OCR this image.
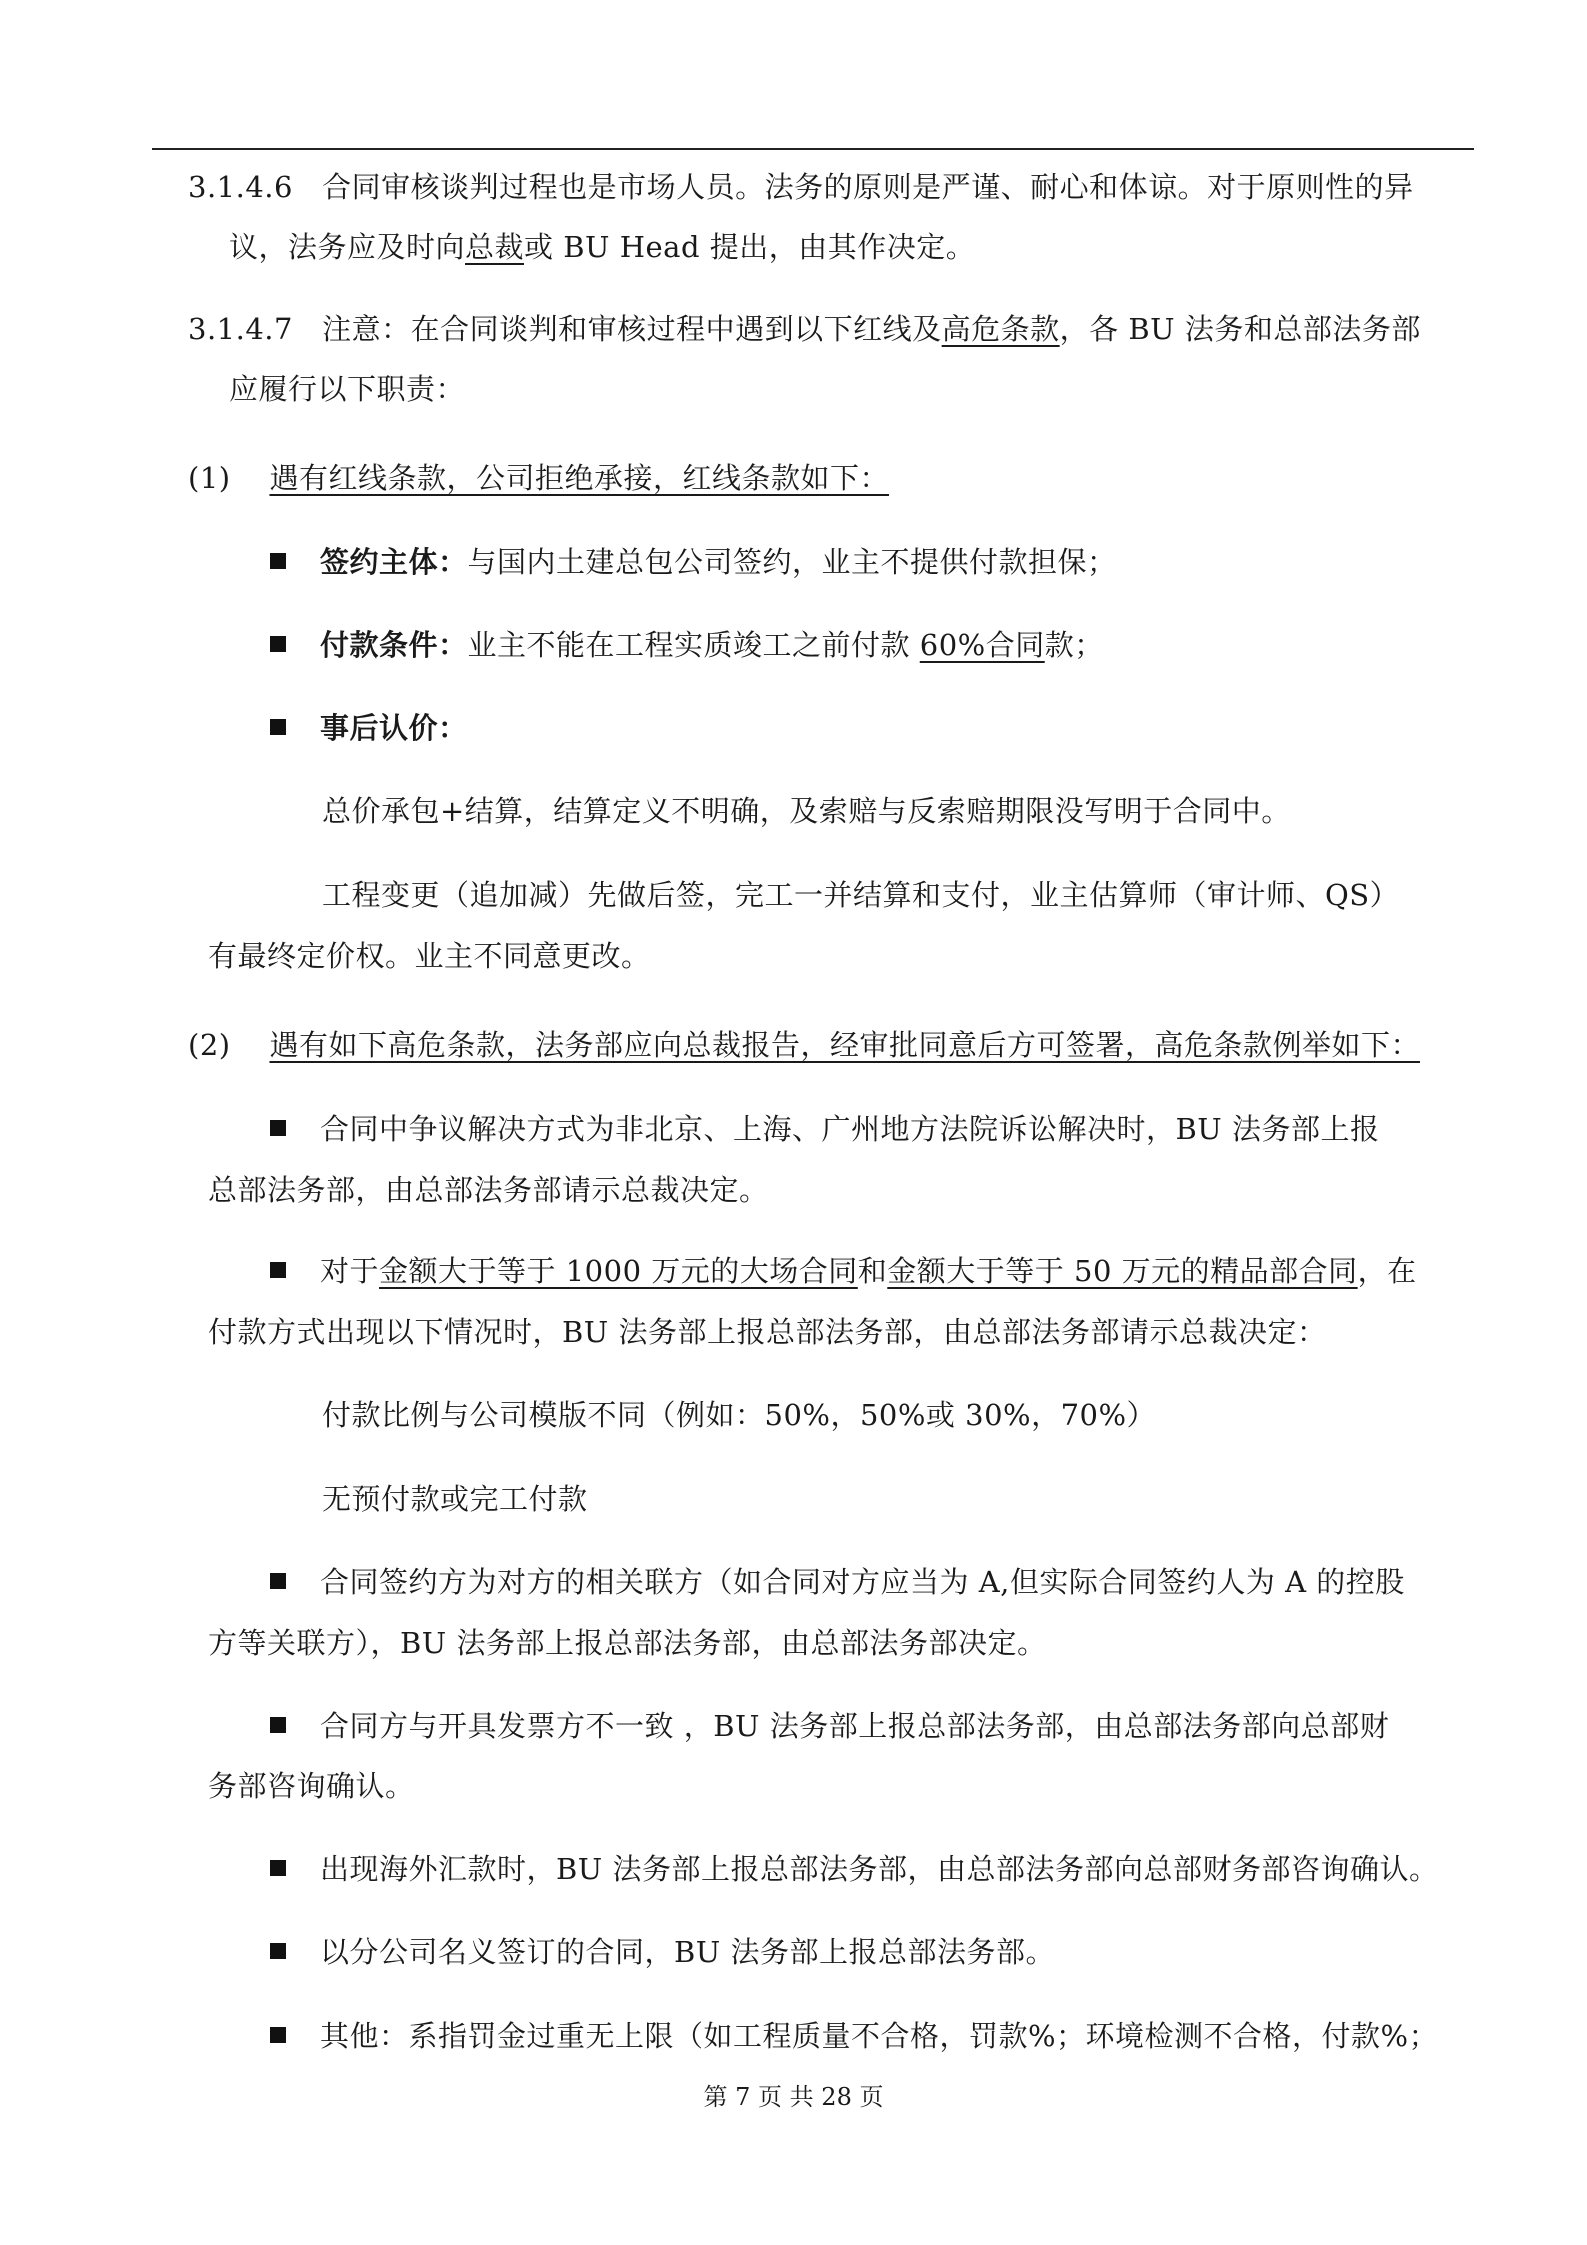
3.1.4.6 合同审核谈判过程也是市场人员。法务的原则是严谨、耐心和体谅。对于原则性的异
议，法务应及时向总裁或 BU Head 提出，由其作决定。
3.1.4.7 注意：在合同谈判和审核过程中遇到以下红线及高危条款，各 BU 法务和总部法务部
应履行以下职责：
(1) 遇有红线条款，公司拒绝承接，红线条款如下：
签约主体：与国内土建总包公司签约，业主不提供付款担保；
付款条件：业主不能在工程实质竣工之前付款 60%合同款；
事后认价：
总价承包+结算，结算定义不明确，及索赔与反索赔期限没写明于合同中。
工程变更（追加减）先做后签，完工一并结算和支付，业主估算师（审计师、QS）
有最终定价权。业主不同意更改。
(2) 遇有如下高危条款，法务部应向总裁报告，经审批同意后方可签署，高危条款例举如下：
合同中争议解决方式为非北京、上海、广州地方法院诉讼解决时，BU 法务部上报
总部法务部，由总部法务部请示总裁决定。
对于金额大于等于 1000 万元的大场合同和金额大于等于 50 万元的精品部合同，在
付款方式出现以下情况时，BU 法务部上报总部法务部，由总部法务部请示总裁决定：
付款比例与公司模版不同（例如：50%，50%或 30%，70%）
无预付款或完工付款
合同签约方为对方的相关联方（如合同对方应当为 A,但实际合同签约人为 A 的控股
方等关联方），BU 法务部上报总部法务部，由总部法务部决定。
合同方与开具发票方不一致 ，BU 法务部上报总部法务部，由总部法务部向总部财
务部咨询确认。
出现海外汇款时，BU 法务部上报总部法务部，由总部法务部向总部财务部咨询确认。
以分公司名义签订的合同，BU 法务部上报总部法务部。
其他：系指罚金过重无上限（如工程质量不合格，罚款%；环境检测不合格，付款%；
第 7 页 共 28 页
